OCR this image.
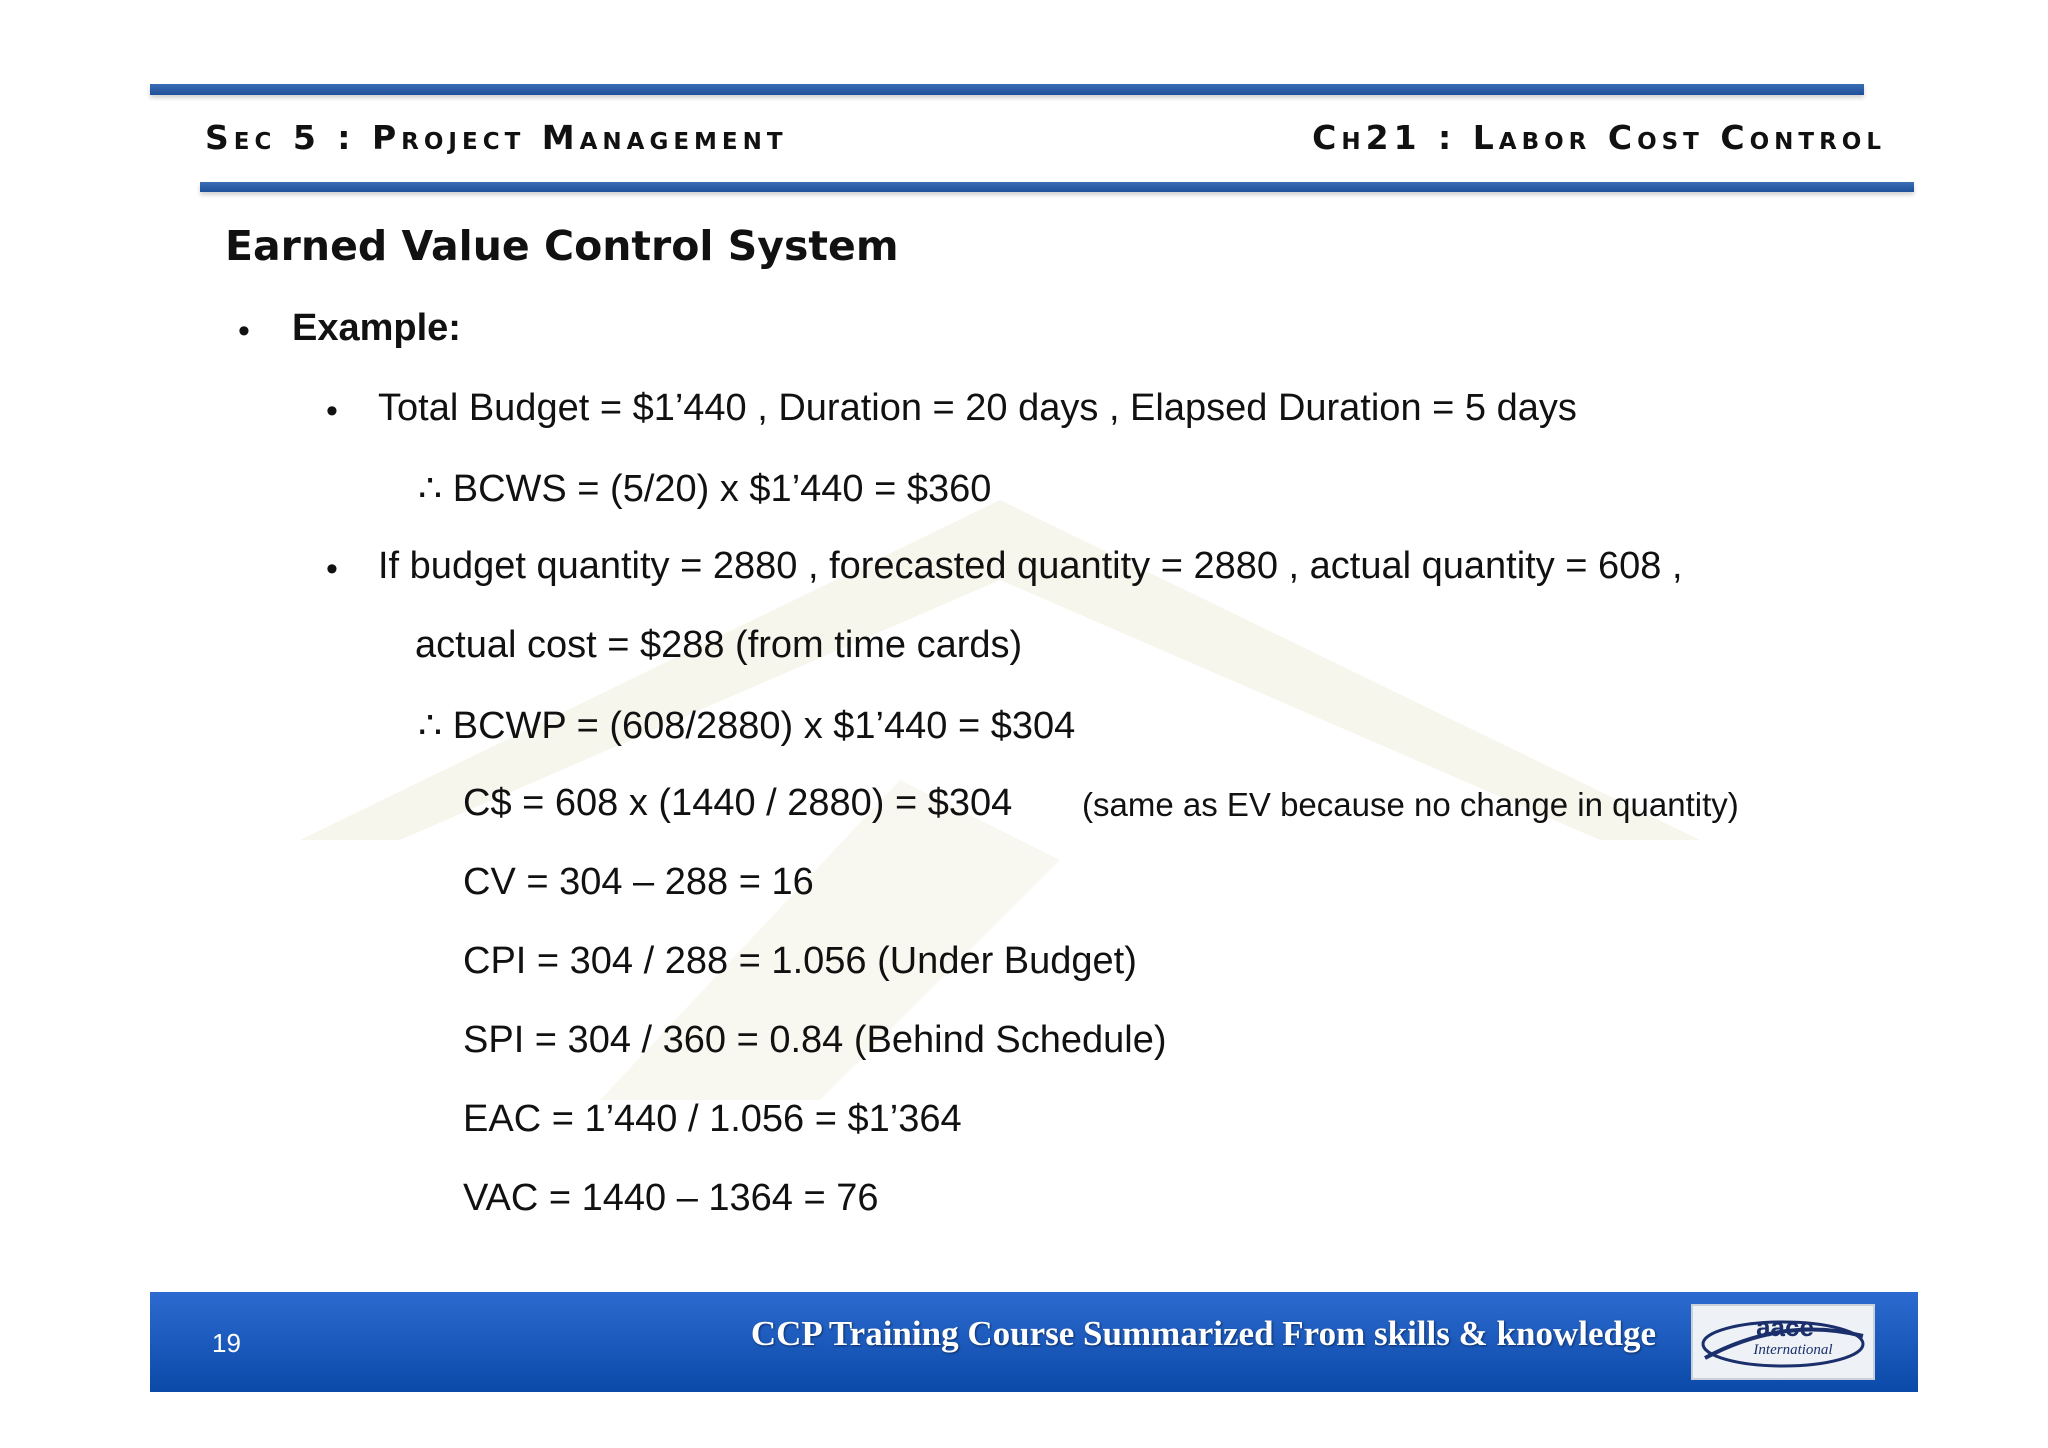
Sec 5 : Project Management	Ch21 : Labor Cost Control
Earned Value Control System
• Example:
• Total Budget = $1’440 , Duration = 20 days , Elapsed Duration = 5 days
∴ BCWS = (5/20) x $1’440 = $360
• If budget quantity = 2880 , forecasted quantity = 2880 , actual quantity = 608 ,
actual cost = $288 (from time cards)
∴ BCWP = (608/2880) x $1’440 = $304
C$ = 608 x (1440 / 2880) = $304 (same as EV because no change in quantity)
CV = 304 – 288 = 16
CPI = 304 / 288 = 1.056 (Under Budget)
SPI = 304 / 360 = 0.84 (Behind Schedule)
EAC = 1’440 / 1.056 = $1’364
VAC = 1440 – 1364 = 76
19	CCP Training Course Summarized From skills & knowledge	aace
International
